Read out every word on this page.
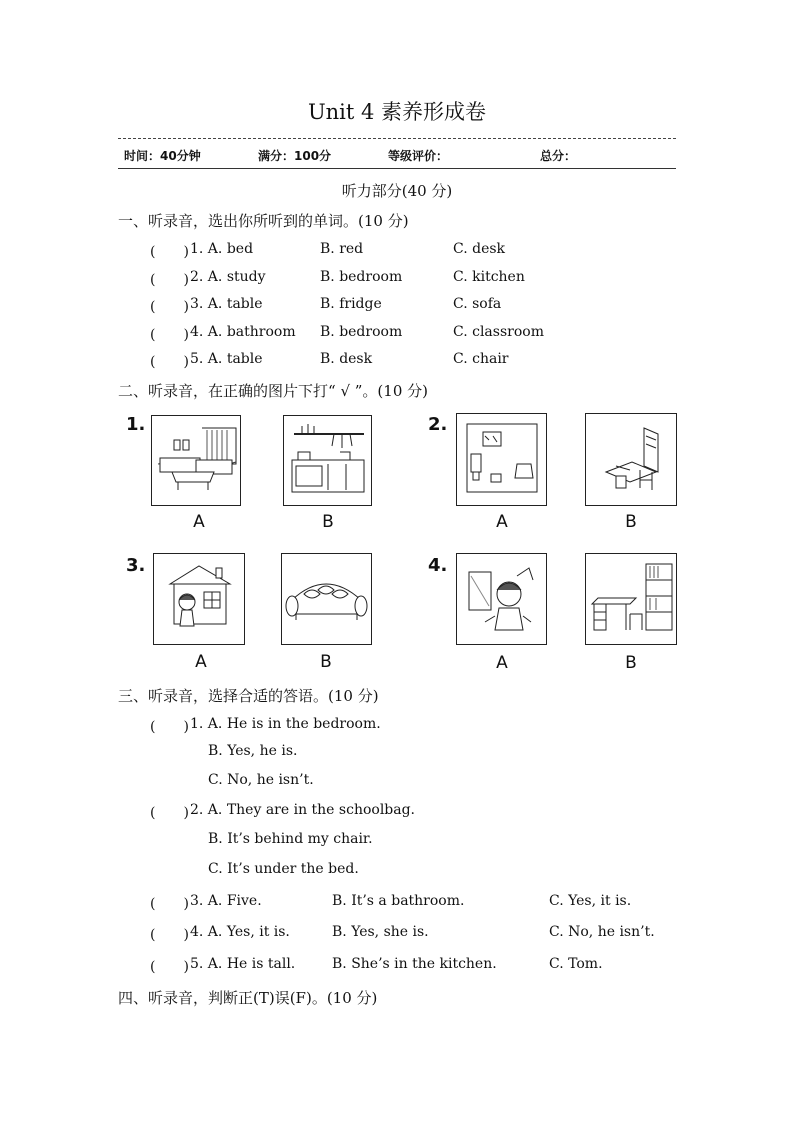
Unit 4 素养形成卷
时间：40分钟	满分：100分	等级评价：	总分：
听力部分(40 分)
一、听录音，选出你所听到的单词。(10 分)
(　　) 1. A. bed	B. red	C. desk
(　　) 2. A. study	B. bedroom	C. kitchen
(　　) 3. A. table	B. fridge	C. sofa
(　　) 4. A. bathroom B. bedroom	C. classroom
(　　) 5. A. table	B. desk	C. chair
二、听录音，在正确的图片下打“ √ ”。(10 分)
1.	2.
3.	4.
A	B	A	B
A	B	A	B
三、听录音，选择合适的答语。(10 分)
(　　) 1. A. He is in the bedroom.
B. Yes, he is.
C. No, he isn’t.
(　　) 2. A. They are in the schoolbag.
B. It’s behind my chair.
C. It’s under the bed.
(　　) 3. A. Five.	B. It’s a bathroom.	C. Yes, it is.
(　　) 4. A. Yes, it is.	B. Yes, she is.	C. No, he isn’t.
(　　) 5. A. He is tall.	B. She’s in the kitchen.	C. Tom.
四、听录音，判断正(T)误(F)。(10 分)
